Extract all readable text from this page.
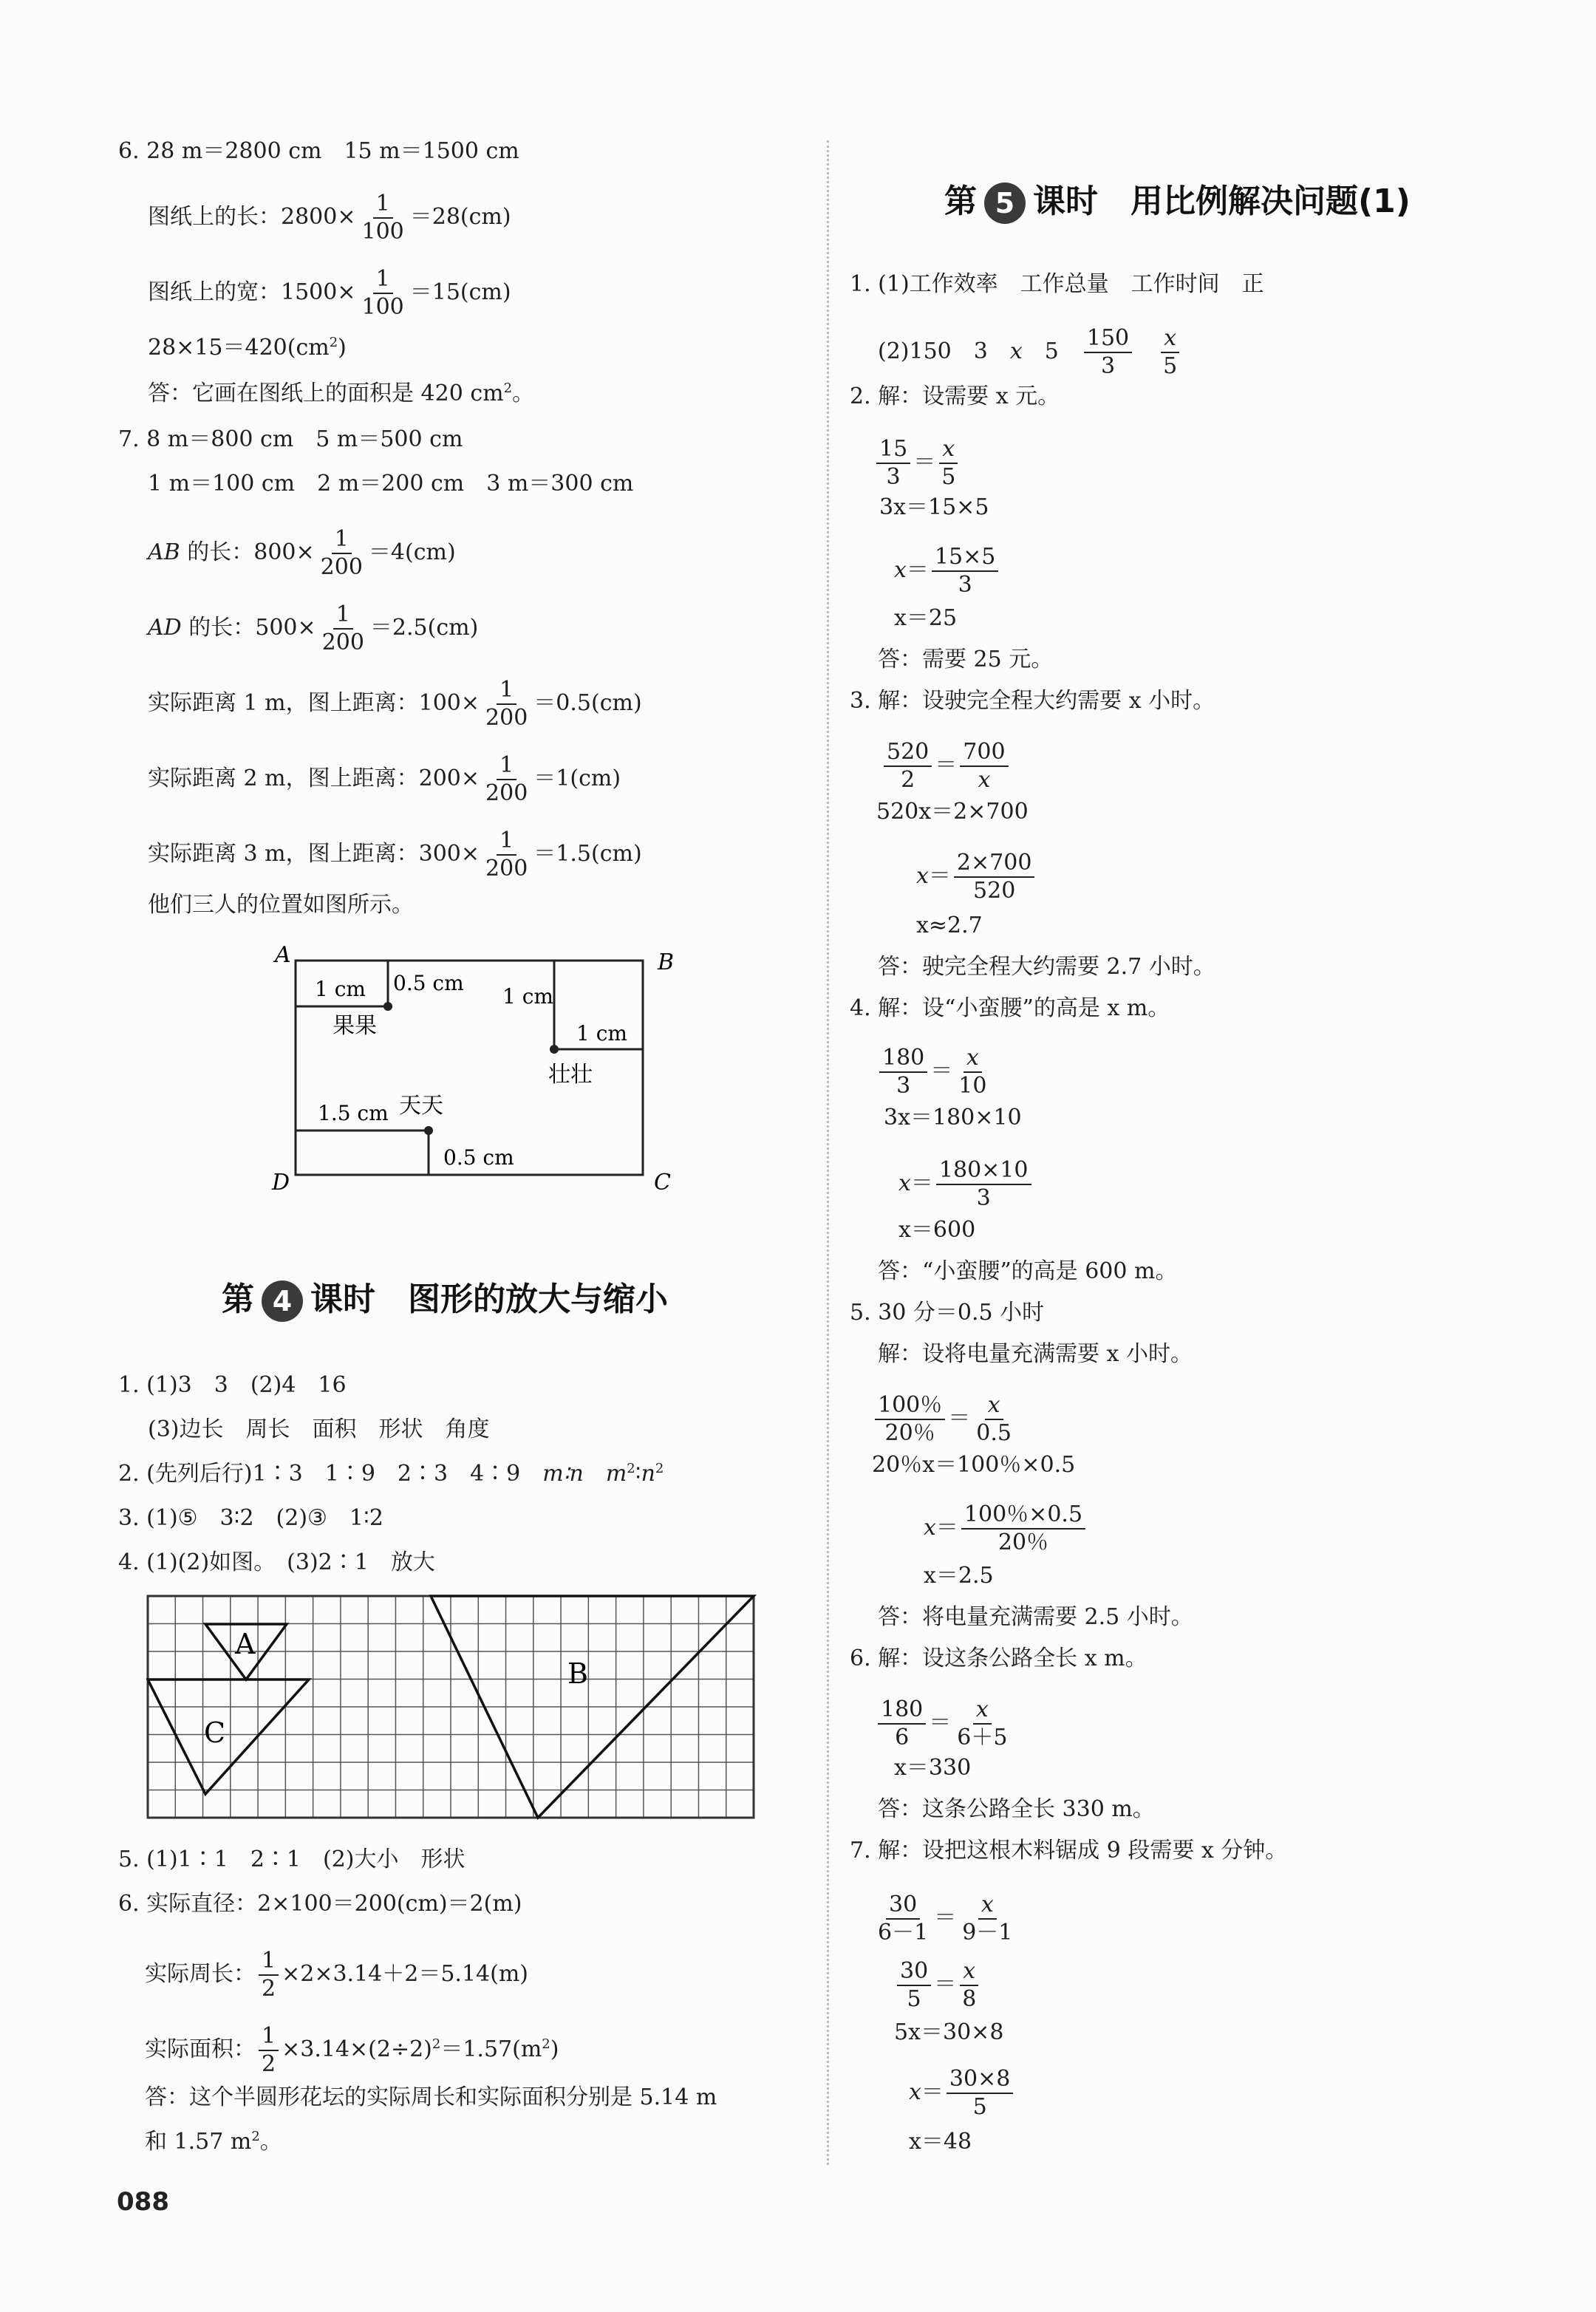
6. 28 m＝2800 cm　15 m＝1500 cm
图纸上的长：$2800\times \frac{1}{100} =28(cm)$
图纸上的宽：$1500\times \frac{1}{100} =15(cm)$
$28\times 15=420(cm^2)$
答：它画在图纸上的面积是 420 $cm^2$。
7. 8 m＝800 cm　5 m＝500 cm
1 m＝100 cm　2 m＝200 cm　3 m＝300 cm
AB 的长：$800\times \frac{1}{200} =4(cm)$
AD 的长：$500\times \frac{1}{200} =2.5(cm)$
实际距离 1 m，图上距离：$100\times \frac{1}{200} =0.5(cm)$
实际距离 2 m，图上距离：$200\times \frac{1}{200} =1(cm)$
实际距离 3 m，图上距离：$300\times \frac{1}{200} =1.5(cm)$
他们三人的位置如图所示。
A	B
C
D
1 cm 0.5 cm
果果
1 cm
1 cm
壮壮
1.5 cm 天天
0.5 cm
第 4 课时　图形的放大与缩小
1. (1)3　3　(2)4　16
(3)边长　周长　面积　形状　角度
2. (先列后行)1∶3　1∶9　2∶3　4∶9　m∶n　 $m^2∶n^2$
3. (1)⑤　3∶2　(2)③　1∶2
4. (1)(2)如图。　(3)2∶1　放大
A
C
B
5. (1)1∶1　2∶1　(2)大小　形状
6. 实际直径：2×100＝200(cm)＝2(m)
实际周长： $\frac{1}{2} \times 2\times 3.14+2=5.14(m)$
实际面积： $\frac{1}{2} \times 3.14\times(2\div 2)^2=1.57(m^2)$
答：这个半圆形花坛的实际周长和实际面积分别是 5.14 m
和 1.57 $m^2$。
088
第 5 课时　用比例解决问题(1)
1. (1)工作效率　工作总量　工作时间　正
(2)150　3　x　5　 $\frac{150}{3}$
　 $\frac{x}{5}$
2. 解：设需要 x 元。
$\frac{15}{3} = \frac{x}{5}$
3x＝15×5
$x= \frac{15\times 5}{3}$
x＝25
答：需要 25 元。
3. 解：设驶完全程大约需要 x 小时。
$\frac{520}{2} = \frac{700}{x}$
520x＝2×700
$x= \frac{2\times 700}{520}$
x≈2.7
答：驶完全程大约需要 2.7 小时。
4. 解：设“小蛮腰”的高是 x m。
$\frac{180}{3} = \frac{x}{10}$
3x＝180×10
$x= \frac{180\times 10}{3}$
x＝600
答：“小蛮腰”的高是 600 m。
5. 30 分＝0.5 小时
解：设将电量充满需要 x 小时。
$\frac{100\%}{20\%} = \frac{x}{0.5}$
20％x＝100％×0.5
$x= \frac{100\%\times 0.5}{20\%}$
x＝2.5
答：将电量充满需要 2.5 小时。
6. 解：设这条公路全长 x m。
$\frac{180}{6} = \frac{x}{6+5}$
x＝330
答：这条公路全长 330 m。
7. 解：设把这根木料锯成 9 段需要 x 分钟。
$\frac{30}{6-1} = \frac{x}{9-1}$
$\frac{30}{5} = \frac{x}{8}$
5x＝30×8
$x= \frac{30\times 8}{5}$
x＝48
